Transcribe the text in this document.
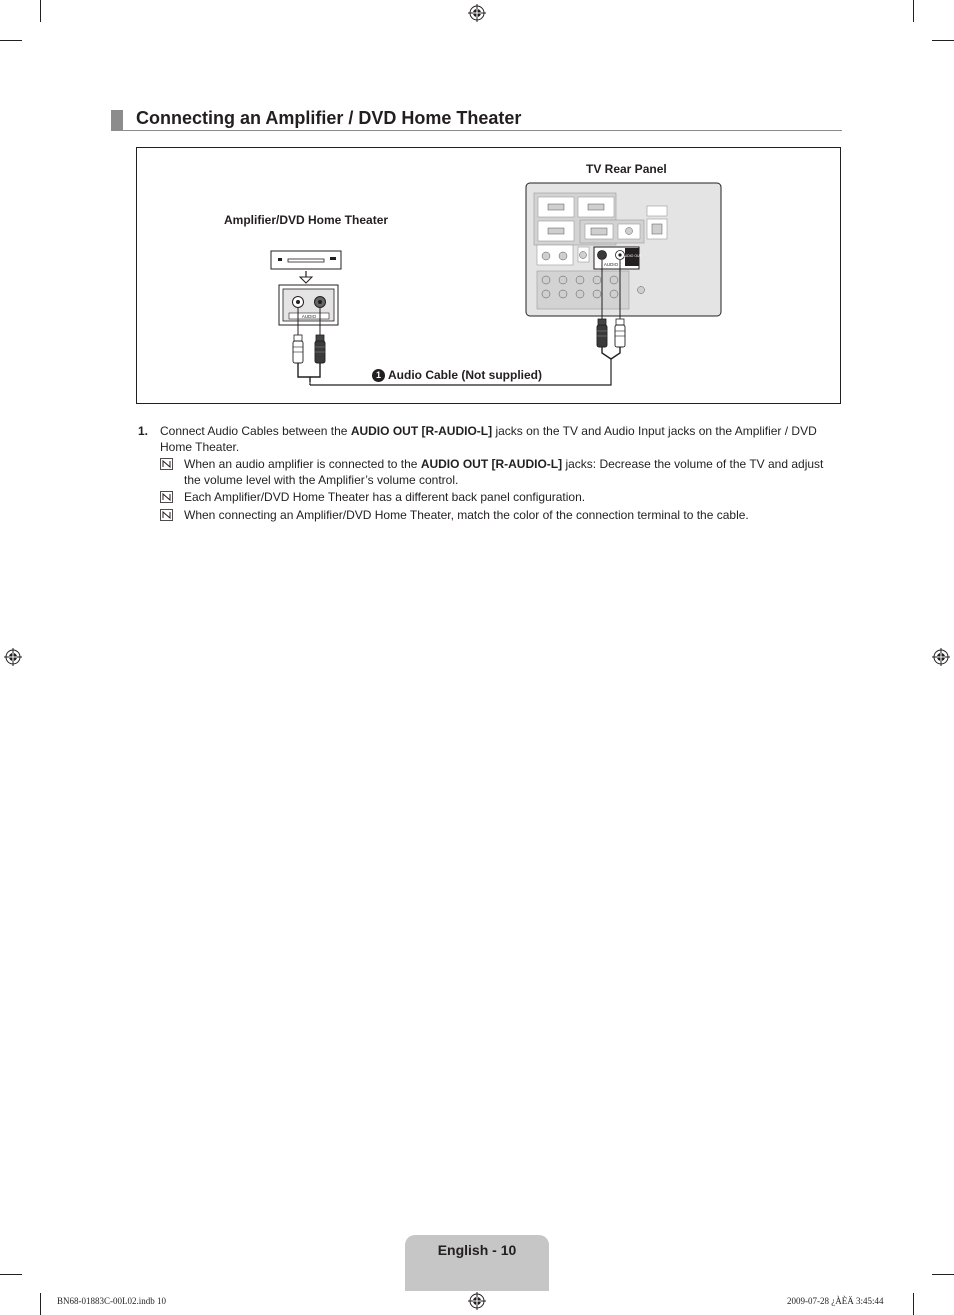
Connecting an Amplifier / DVD Home Theater
TV Rear Panel
Amplifier/DVD Home Theater
AUDIO
AUDIO
AUDIO OUT
1 Audio Cable (Not supplied)
1. Connect Audio Cables between the AUDIO OUT [R-AUDIO-L] jacks on the TV and Audio Input jacks on the Amplifier / DVD Home Theater.
When an audio amplifier is connected to the AUDIO OUT [R-AUDIO-L] jacks: Decrease the volume of the TV and adjust the volume level with the Amplifier’s volume control.
Each Amplifier/DVD Home Theater has a different back panel configuration.
When connecting an Amplifier/DVD Home Theater, match the color of the connection terminal to the cable.
English - 10
BN68-01883C-00L02.indb 10	2009-07-28 ¿ÀÈÄ 3:45:44
